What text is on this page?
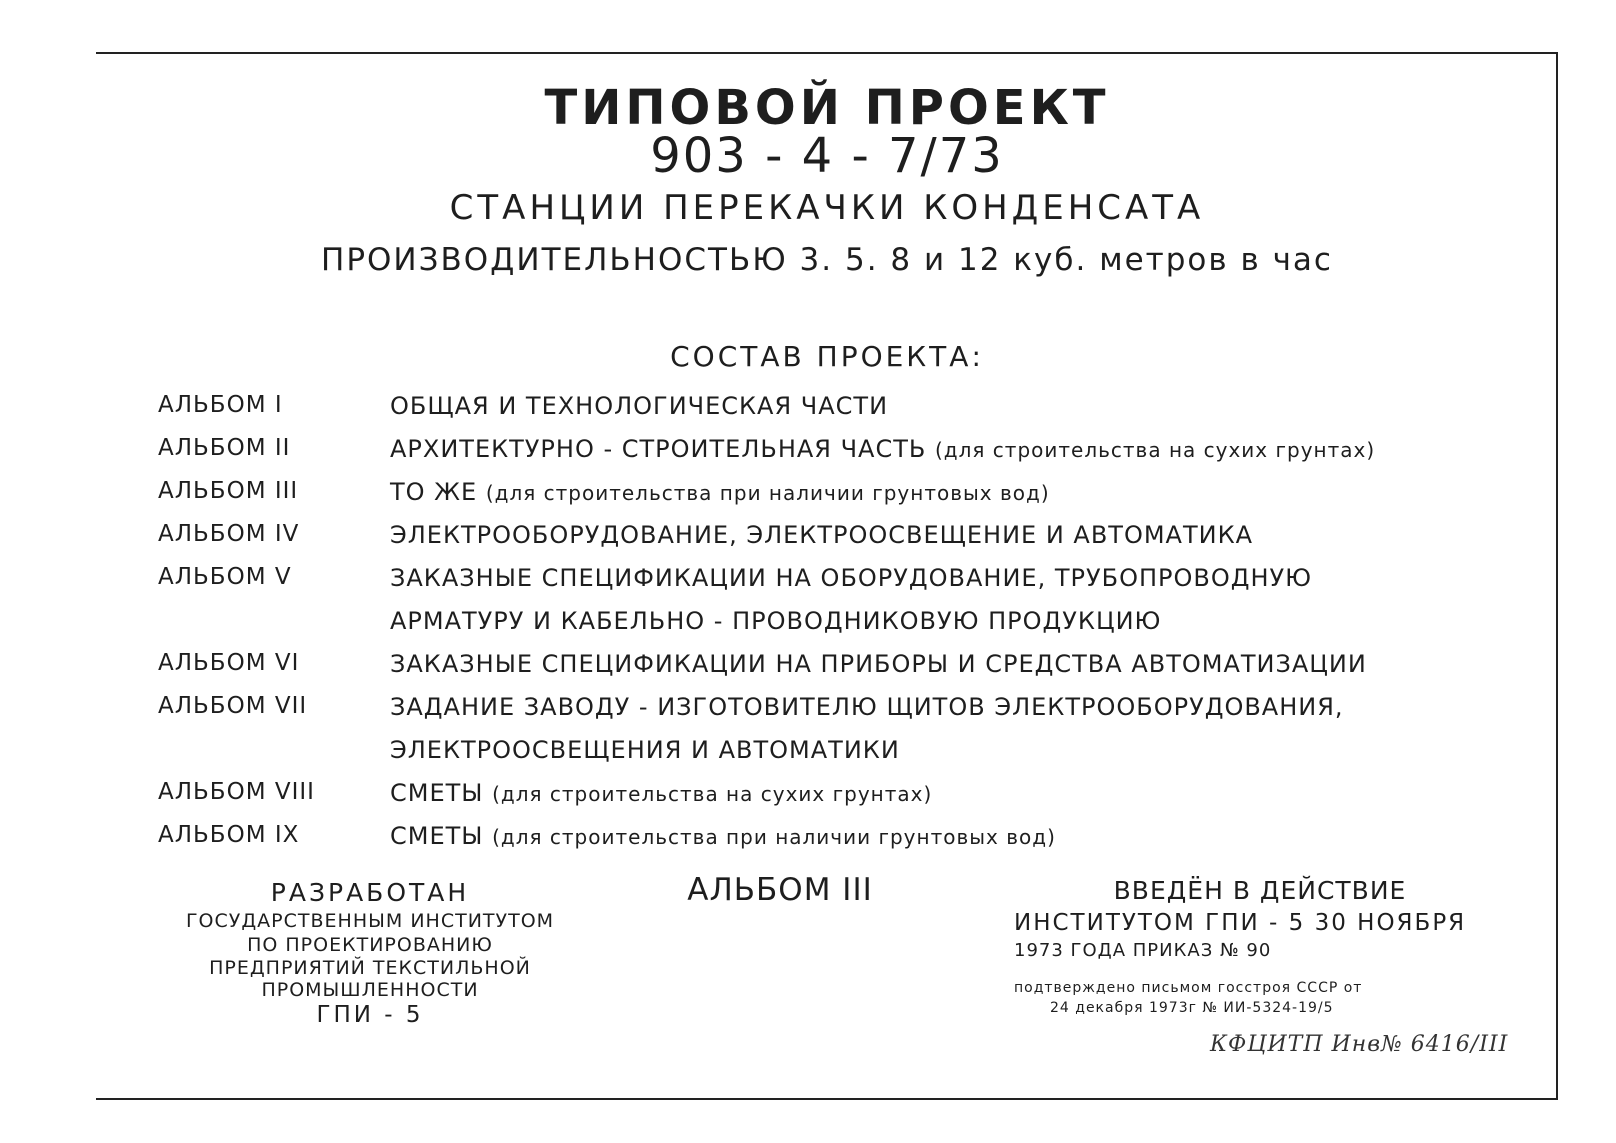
ТИПОВОЙ ПРОЕКТ
903 - 4 - 7/73
СТАНЦИИ ПЕРЕКАЧКИ КОНДЕНСАТА
ПРОИЗВОДИТЕЛЬНОСТЬЮ 3. 5. 8 и 12 куб. метров в час
СОСТАВ ПРОЕКТА:
АЛЬБОМ I	ОБЩАЯ И ТЕХНОЛОГИЧЕСКАЯ ЧАСТИ
АЛЬБОМ II	АРХИТЕКТУРНО - СТРОИТЕЛЬНАЯ ЧАСТЬ (для строительства на сухих грунтах)
АЛЬБОМ III	ТО ЖЕ (для строительства при наличии грунтовых вод)
АЛЬБОМ IV	ЭЛЕКТРООБОРУДОВАНИЕ, ЭЛЕКТРООСВЕЩЕНИЕ И АВТОМАТИКА
АЛЬБОМ V	ЗАКАЗНЫЕ СПЕЦИФИКАЦИИ НА ОБОРУДОВАНИЕ, ТРУБОПРОВОДНУЮ
АРМАТУРУ И КАБЕЛЬНО - ПРОВОДНИКОВУЮ ПРОДУКЦИЮ
АЛЬБОМ VI	ЗАКАЗНЫЕ СПЕЦИФИКАЦИИ НА ПРИБОРЫ И СРЕДСТВА АВТОМАТИЗАЦИИ
АЛЬБОМ VII	ЗАДАНИЕ ЗАВОДУ - ИЗГОТОВИТЕЛЮ ЩИТОВ ЭЛЕКТРООБОРУДОВАНИЯ,
ЭЛЕКТРООСВЕЩЕНИЯ И АВТОМАТИКИ
АЛЬБОМ VIII	СМЕТЫ (для строительства на сухих грунтах)
АЛЬБОМ IX	СМЕТЫ (для строительства при наличии грунтовых вод)
РАЗРАБОТАН
ГОСУДАРСТВЕННЫМ ИНСТИТУТОМ
ПО ПРОЕКТИРОВАНИЮ
ПРЕДПРИЯТИЙ ТЕКСТИЛЬНОЙ
ПРОМЫШЛЕННОСТИ
ГПИ - 5
АЛЬБОМ III	ВВЕДЁН В ДЕЙСТВИЕ
ИНСТИТУТОМ ГПИ - 5 30 НОЯБРЯ
1973 ГОДА ПРИКАЗ № 90
подтверждено письмом госстроя СССР от
24 декабря 1973г № ИИ-5324-19/5
КФЦИТП Инв№ 6416/III
